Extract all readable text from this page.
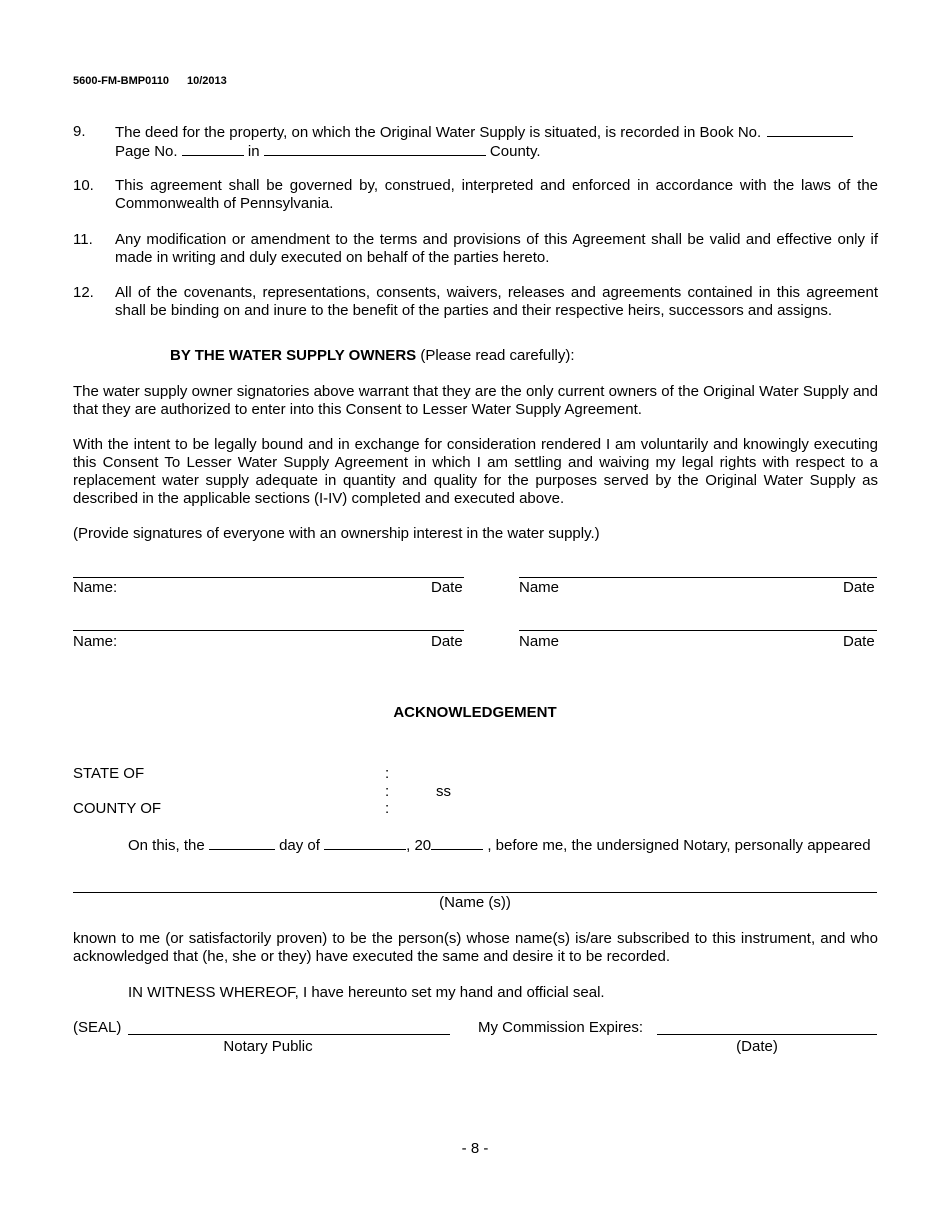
5600-FM-BMP0110 10/2013
9. The deed for the property, on which the Original Water Supply is situated, is recorded in Book No.
Page No.	in	County.
10. This agreement shall be governed by, construed, interpreted and enforced in accordance with the laws of the Commonwealth of Pennsylvania.
11. Any modification or amendment to the terms and provisions of this Agreement shall be valid and effective only if made in writing and duly executed on behalf of the parties hereto.
12. All of the covenants, representations, consents, waivers, releases and agreements contained in this agreement shall be binding on and inure to the benefit of the parties and their respective heirs, successors and assigns.
BY THE WATER SUPPLY OWNERS (Please read carefully):
The water supply owner signatories above warrant that they are the only current owners of the Original Water Supply and that they are authorized to enter into this Consent to Lesser Water Supply Agreement.
With the intent to be legally bound and in exchange for consideration rendered I am voluntarily and knowingly executing this Consent To Lesser Water Supply Agreement in which I am settling and waiving my legal rights with respect to a replacement water supply adequate in quantity and quality for the purposes served by the Original Water Supply as described in the applicable sections (I-IV) completed and executed above.
(Provide signatures of everyone with an ownership interest in the water supply.)
Name:	Date	Name	Date
Name:	Date	Name	Date
ACKNOWLEDGEMENT
STATE OF	:
:	ss
COUNTY OF	:
On this, the	day of	, 20	, before me, the undersigned Notary, personally appeared
(Name (s))
known to me (or satisfactorily proven) to be the person(s) whose name(s) is/are subscribed to this instrument, and who acknowledged that (he, she or they) have executed the same and desire it to be recorded.
IN WITNESS WHEREOF, I have hereunto set my hand and official seal.
(SEAL)
Notary Public
My Commission Expires:
(Date)
- 8 -
